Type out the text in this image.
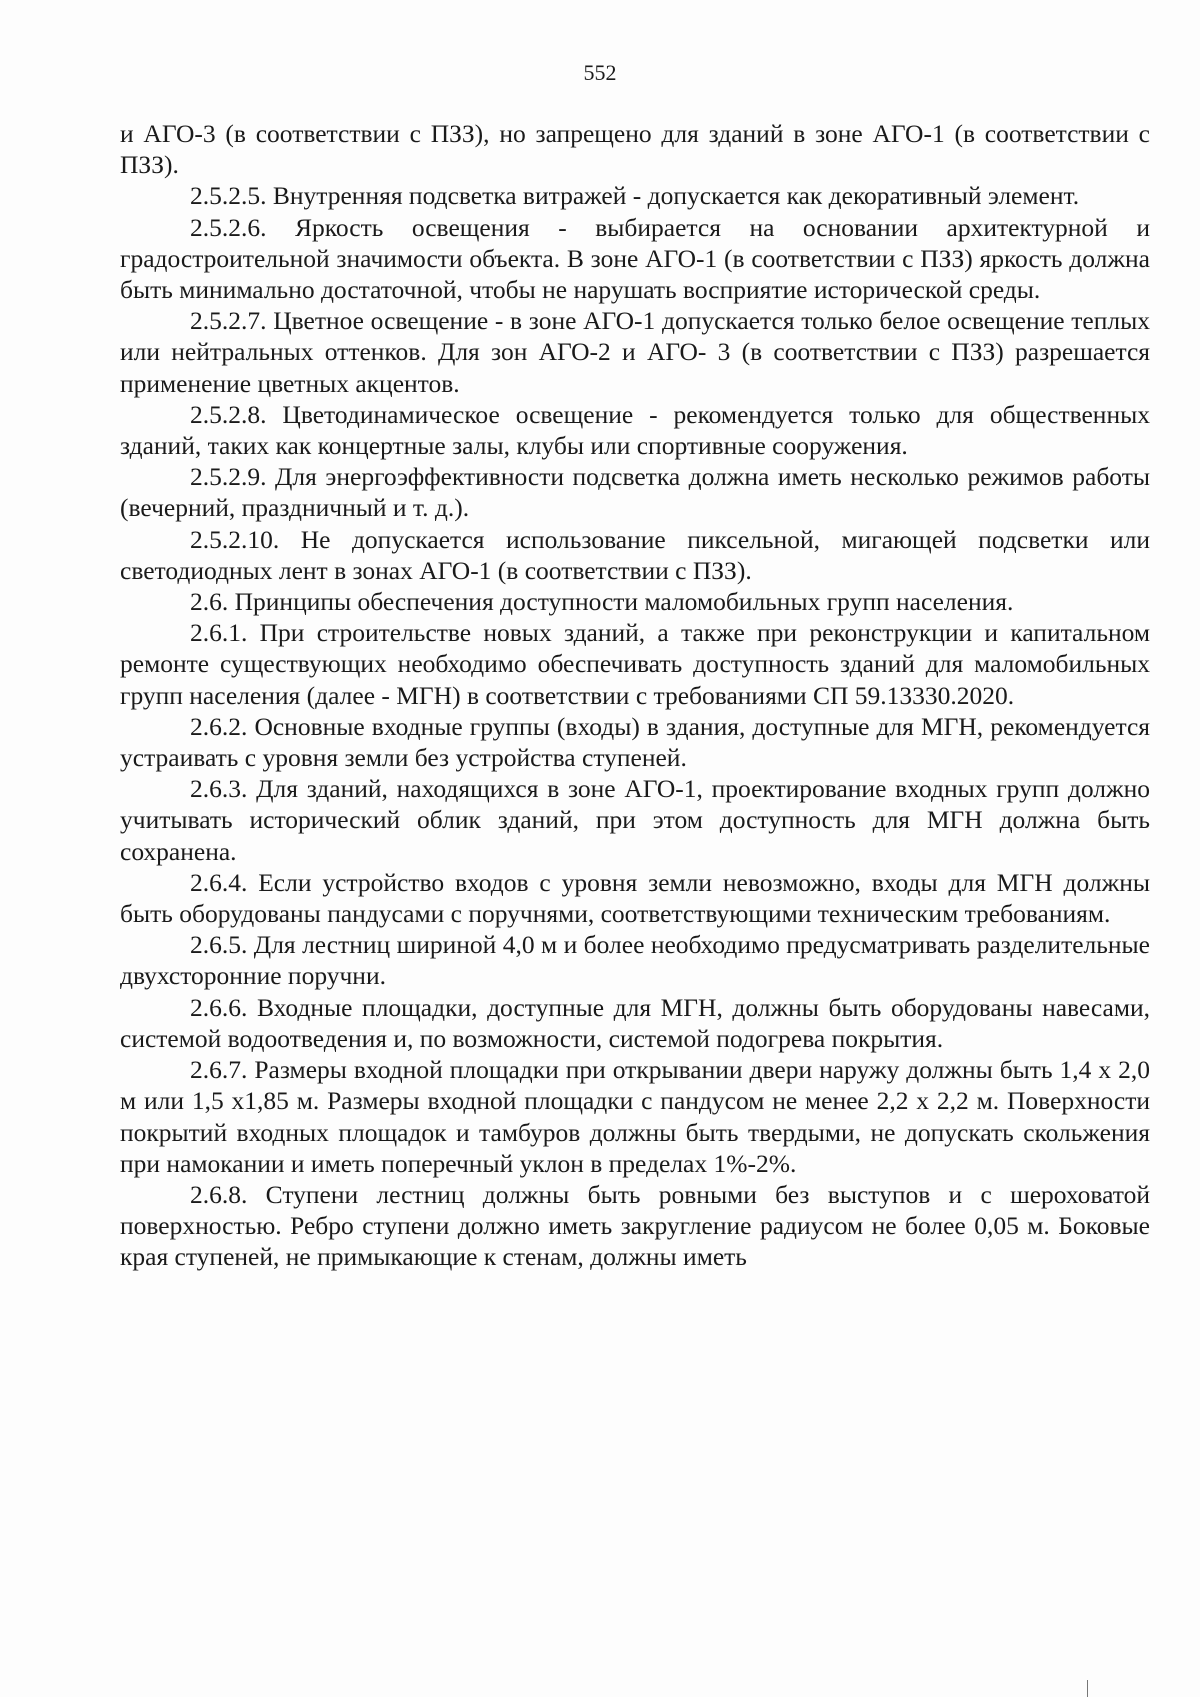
552

и АГО-3 (в соответствии с ПЗЗ), но запрещено для зданий в зоне АГО-1 (в соответствии с ПЗЗ).

2.5.2.5. Внутренняя подсветка витражей - допускается как декоративный элемент.

2.5.2.6. Яркость освещения - выбирается на основании архитектурной и градостроительной значимости объекта. В зоне АГО-1 (в соответствии с ПЗЗ) яркость должна быть минимально достаточной, чтобы не нарушать восприятие исторической среды.

2.5.2.7. Цветное освещение - в зоне АГО-1 допускается только белое освещение теплых или нейтральных оттенков. Для зон АГО-2 и АГО- 3 (в соответствии с ПЗЗ) разрешается применение цветных акцентов.

2.5.2.8. Цветодинамическое освещение - рекомендуется только для общественных зданий, таких как концертные залы, клубы или спортивные сооружения.

2.5.2.9. Для энергоэффективности подсветка должна иметь несколько режимов работы (вечерний, праздничный и т. д.).

2.5.2.10. Не допускается использование пиксельной, мигающей подсветки или светодиодных лент в зонах АГО-1 (в соответствии с ПЗЗ).

2.6. Принципы обеспечения доступности маломобильных групп населения.

2.6.1. При строительстве новых зданий, а также при реконструкции и капитальном ремонте существующих необходимо обеспечивать доступность зданий для маломобильных групп населения (далее - МГН) в соответствии с требованиями СП 59.13330.2020.

2.6.2. Основные входные группы (входы) в здания, доступные для МГН, рекомендуется устраивать с уровня земли без устройства ступеней.

2.6.3. Для зданий, находящихся в зоне АГО-1, проектирование входных групп должно учитывать исторический облик зданий, при этом доступность для МГН должна быть сохранена.

2.6.4. Если устройство входов с уровня земли невозможно, входы для МГН должны быть оборудованы пандусами с поручнями, соответствующими техническим требованиям.

2.6.5. Для лестниц шириной 4,0 м и более необходимо предусматривать разделительные двухсторонние поручни.

2.6.6. Входные площадки, доступные для МГН, должны быть оборудованы навесами, системой водоотведения и, по возможности, системой подогрева покрытия.

2.6.7. Размеры входной площадки при открывании двери наружу должны быть 1,4 х 2,0 м или 1,5 х1,85 м. Размеры входной площадки с пандусом не менее 2,2 х 2,2 м. Поверхности покрытий входных площадок и тамбуров должны быть твердыми, не допускать скольжения при намокании и иметь поперечный уклон в пределах 1%-2%.

2.6.8. Ступени лестниц должны быть ровными без выступов и с шероховатой поверхностью. Ребро ступени должно иметь закругление радиусом не более 0,05 м. Боковые края ступеней, не примыкающие к стенам, должны иметь
